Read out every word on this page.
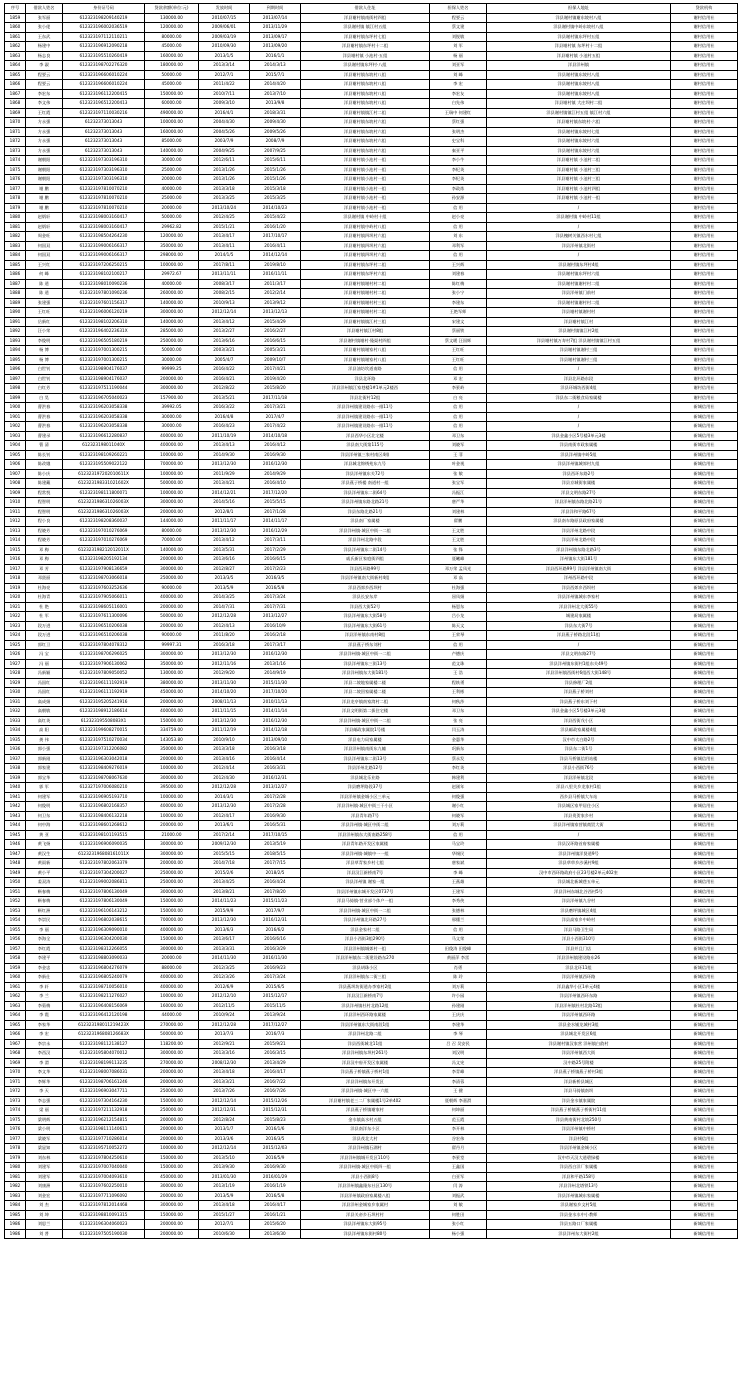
序号	借款人姓名	身份证号码	贷款余额(单位:元)	发放时间	到期时间	借款人住址	担保人姓名	担保人地址	贷款机构
1859	张军丽	612323198209140219	130000.00	2010/07/15	2013/07/14	洋县谢村镇南街村四组	程要云	洋县谢村镇谢东坡村八组	谢村信用社
1860	张小佬	612323196002036519	120000.00	2009/06/01	2013/11/29	洋县谢村镇 镇江村五组	蔡文建	洋县谢村镇中岭东坡村八组	谢村信用社
1861	王东武	612323197112110211	80000.00	2009/03/19	2013/09/17	洋县谢村镇东坪村七组	刘锐敏	洋县谢村镇东坪村五组	谢村信用社
1862	杨建中	612323196912090218	45000.00	2010/09/30	2013/09/20	洋县谢村镇东坪村十二组	刘 军	洋县谢村镇 东坪村十二组	谢村信用社
1863	杨志良	612323195510260419	160000.00	2013/1/5	2016/1/1	洋县谢村镇 小池村·五组	杨 丽	洋县谢村镇 小池村五组	谢村信用社
1864	李 淑	612323198702276320	180000.00	2013/3/14	2014/3/13	洋县谢村镇东坪村·八组	刘亚军	洋县洋州镇	谢村信用社
1865	程要云	612323196606010224	50000.00	2012/7/1	2015/7/1	洋县谢村镇东坡村八组	刘 峰	洋县谢村镇东坡村八组	谢村信用社
1866	程要云	612323196606010224	45000.00	2011/4/22	2014/4/20	洋县谢村镇东坡村八组	李 宏	洋县谢村镇东坡村八组	谢村信用社
1867	李宏东	612323196112200415	150000.00	2010/7/11	2013/7/10	洋县谢村镇东坡村八组	李宏友	洋县谢村镇东坡村八组	谢村信用社
1868	李文伟	612323196512200413	60000.00	2009/3/10	2013/9/8	洋县谢村镇东坡村八组	白先伟	洋县谢村镇 大庄坝村二组	谢村信用社
1869	王红霞	612323197110030216	490000.00	2016/4/1	2018/3/31	洋县谢村镇镇江村二组	王瑞中 何建红	洋县谢村镇镇江村五组 镇江村六组	谢村信用社
1870	方永强	61232373013043	100000.00	2004/4/30	2009/4/30	洋县谢村镇东坡村六组	蔡红强	洋县谢村镇东坡村·六组	谢村信用社
1871	方永强	61232373013043	160000.00	2004/5/26	2009/5/26	洋县谢村镇东坡村六组	张明杰	洋县谢村镇东坡村七组	谢村信用社
1872	方永强	61232373013043	85000.00	2003/7/9	2008/7/9	洋县谢村镇东坡村六组	史宝科	洋县谢村镇东坡村六组	谢村信用社
1873	方永强	61232373013043	140000.00	2004/9/25	2007/9/25	洋县谢村镇东坡村六组	秦亚平	洋县谢村镇东坡村六组	谢村信用社
1874	谢朝阳	612323197303196310	30000.00	2012/6/11	2015/6/11	洋县谢村镇小池村一组	李小牛	洋县谢村镇 小池村二组	谢村信用社
1875	谢朝阳	612323197303196310	25000.00	2013/1/26	2015/1/26	洋县谢村镇小池村一组	李纪英	洋县谢村镇 小池村三组	谢村信用社
1876	谢朝阳	612323197303196310	20000.00	2013/1/26	2015/1/26	洋县谢村镇小池村一组	李纪英	洋县谢村镇 小池村三组	谢村信用社
1877	谢 鹏	612323197810070210	40000.00	2013/3/18	2015/3/18	洋县谢村镇小池村一组	李政炼	洋县谢村镇 小池村四组	谢村信用社
1878	谢 鹏	612323197810070210	25000.00	2013/3/25	2015/3/25	洋县谢村镇小池村一组	孙安源	洋县谢村镇 小池村一组	谢村信用社
1879	谢 鹏	612323197810070210	20000.00	2013/10/24	2014/10/23	洋县谢村镇小池村一组	信 用	/	谢村信用社
1880	赵炳轩	612323198003160417	50000.00	2012/4/25	2015/4/22	洋县谢村镇 中岭村十组	赵小亮	洋县谢村镇 中岭村11组	谢村信用社
1881	赵炳轩	612323198003160417	29962.82	2015/1/21	2016/1/20	洋县谢村镇中岭村八组	信 用	/	谢村信用社
1882	周金旺	612323198504264230	120000.00	2013/4/17	2017/10/17	洋县谢村镇四坝村六组	刘 东	洋县槐树关镇西水村七组	谢村信用社
1883	何国双	612323199006166317	350000.00	2013/4/11	2016/4/11	洋县谢村镇四坝村六组	邓利军	洋县洋州镇北街村	谢村信用社
1884	何国双	612323199006166317	298000.00	2014/1/5	2014/12/14	洋县谢村镇四坝村六组	信 用	/	谢村信用社
1885	王兴红	612323197206250215	100000.00	2017/8/11	2019/8/10	洋县谢村镇东坪村二组	王兴辉	洋县谢村镇东坪村4组	谢村信用社
1886	何 峰	612323198102100217	29972.67	2013/11/11	2016/11/11	洋县谢村镇东坪村六组	刘建春	洋县谢村镇东坪村六组	谢村信用社
1887	陈 道	612323198010090236	40000.00	2008/3/17	2011/3/17	洋县谢村镇谢村村二组	陈红梅	洋县谢村镇谢村村二组	谢村信用社
1888	陈 道	612323197801090236	260000.00	2008/2/15	2012/2/14	洋县谢村镇谢村村二组	张小宁	洋县洋州镇门前村	谢村信用社
1889	张建强	612323197601156317	140000.00	2010/9/13	2013/9/12	洋县谢村镇谢村村三组	李建东	洋县谢村镇谢村村二组	谢村信用社
1890	王红旺	612323196006120219	300000.00	2012/12/14	2013/12/13	洋县谢村镇谢村村二组	王艳军师	洋县谢村镇谢村村	谢村信用社
1891	岳新红	612323198102206310	140000.00	2013/4/12	2015/4/29	洋县谢村镇镇江村三组	宋建文	洋县谢村镇江村	谢村信用社
1892	汪小荣	61232319640223631X	285000.00	2013/2/27	2016/2/27	洋县谢村镇江村8组	蔡丽铁	洋县谢村镇镇江村2组	谢村信用社
1893	李俊明	612323196505180219	250000.00	2013/6/16	2016/6/15	洋县谢村镇谢村·隆渠村四组	蔡文暖 汪国辉	洋县谢村镇万寿村7组 洋县谢村镇镇江村五组	谢村信用社
1894	杨 博	612323197001300215	50000.00	2003/3/21	2005/3/21	洋县谢村镇谢家村八组	王红旺	洋县谢村镇谢村三组	谢村信用社
1895	杨 博	612323197001300215	30000.00	2005/4/7	2009/10/7	洋县谢村镇谢家村八组	王红旺	洋县谢村镇谢村三组	谢村信用社
1896	白世钊	612323198904176037	99999.25	2016/4/22	2017/4/21	洋县油坊坎道南路	信 用	/	谢村信用社
1897	白世钊	612323198904176037	200000.00	2016/4/21	2019/4/20	洋县北环路	邓 宏	洋县北环路东段	谢村信用社
1898	白红芳	612323197511190044	300000.00	2012/8/22	2015/8/20	洋县洋州镇江家巷楼1#1单元2楼西	李景岭	洋县环城坊西街4组	谢村信用社
1899	白 昊	612323196705040023	157900.00	2013/5/21	2017/11/18	洋县北街村12组	白 亮	洋县东二街粮食局家属楼	谢村信用社
1900	曹洪春	612323196203058338	39992.05	2016/3/22	2017/3/21	洋县洋州镇建设路东一排11号	信 用	/	新城信用社
1901	曹洪春	612323196203058338	30000.00	2016/4/8	2017/4/7	洋县洋州镇建设路东一排11号	信 用	/	新城信用社
1902	曹洪春	612323196203058338	30000.00	2016/4/23	2017/4/22	洋县洋州镇建设路东一排11号	信 用	/	新城信用社
1903	曹建录	612323196612280837	400000.00	2011/10/19	2014/10/18	洋县西华小区北宅楼	邓卫东	洋县金鑫小区5号楼3单元3楼	新城信用社
1904	曹 清	612323198011040X	400000.00	2013/4/13	2016/4/12	洋县南大街第115号	刘晓军	洋县南街市政家属楼	新城信用社
1905	陈长钊	612323198109260221	100000.00	2014/9/30	2016/9/30	洋县洋州镇三家村南区4排	王 菲	洋县洋州镇中岭5组	新城信用社
1906	陈改娥	612323195509022122	700000.00	2013/12/30	2016/12/30	洋县城北锦绣苑东九号	叶金视	洋县洋州镇城郊村九组	新城信用社
1907	陈小庆	612323197202010611X	100000.00	2011/9/29	2014/9/29	洋县洋州镇东关72号	张 敏	洋县西环东路2号	新城信用社
1908	陈建藏	612323198331021602X	500000.00	2013/4/21	2016/4/10	洋县燕子桥楼 南道村一组	张宝军	洋县京城街家属楼	新城信用社
1909	程常悦	612323198111800071	100000.00	2014/12/21	2017/12/20	洋县洋州镇东二街64号	冯振江	洋县文明东路27号	新城信用社
1910	程智明	612323198631026003X	300000.00	2014/5/16	2015/5/15	洋县洋州镇东路北路21号	唐严华	洋县洋州镇东路北路21号	新城信用社
1911	程智明	612323198631026003X	200000.00	2012/8/1	2017/1/28	洋县东路北路21号	刘建林	洋县洋和平路67号	新城信用社
1912	程小良	612323198208360037	144000.00	2011/11/17	2014/11/17	洋县南厂家属楼	翟鹏	洋县南车路原县政府家属楼	新城信用社
1913	程晓芳	612323197010276069	80000.00	2013/12/30	2016/12/29	洋县洋州镇·城区中街一二组	王文胜	洋县洋州北路中段	新城信用社
1914	程晓芳	612323197010276069	70000.00	2013/4/12	2017/3/11	洋县洋州北路中段	王文胜	洋县洋州北路中段	新城信用社
1915	邓 梅	612323198212012011X	140000.00	2013/5/31	2017/2/29	洋县洋州镇东二街14号	张 锋	洋县洋州镇东路北路3号	新城信用社
1916	邓 梅	612323198205192134	200000.00	2013/6/16	2016/6/15	戚氏新区家庭街四组	聂曦峰	洋州镇东大街181号	新城信用社
1917	邓 芳	612323197908136659	300000.00	2012/8/27	2017/2/23	洋县西环路99号	邓万荣 孟凤光	洋县西环路99号 洋县洋州镇南大街	新城信用社
1918	邓贤丽	612323198703066018	250000.00	2013/3/5	2016/3/5	洋县洋州镇南大街新村4组	邓 高	洋州西环路中段	新城信用社
1919	杜海亮	612323197603252636	90000.00	2013/5/9	2016/5/8	洋县西郊乡西坝村	杜海强	洋县西郊乡西坝村	新城信用社
1920	杜海青	612323197905066011	400000.00	2014/3/25	2017/3/24	洋县长安东岸	屈凤娟	洋县洋州镇城东李家村	新城信用社
1921	杜 艳	612323198605116001	200000.00	2014/7/31	2017/7/31	洋县西大街52号	杨恩东	洋县洋州北大街55号	新城信用社
1922	杜 军	612323197611300096	500000.00	2012/12/28	2013/12/27	洋县洋州镇东大街58号	吕小龙	城建局家属楼	新城信用社
1923	段万进	612323196510206038	200000.00	2012/4/13	2016/10/9	洋县洋州镇东大街61号	陈天文	洋县东大街7号	新城信用社
1924	段万进	612323196510206038	90000.00	2011/8/20	2016/2/18	洋县洋州镇东南村8组	王荣琴	洋县燕子桥路北段11组	新城信用社
1925	郭红卫	612323197804078312	99997.31	2016/3/18	2017/3/17	洋县燕子桥东刘村	信 用	/	新城信用社
1926	冯 宝	612323198706296025	300000.00	2013/12/30	2016/12/30	洋县洋州镇·城区中街一二组	卢德庆	洋县文明东路27号	新城信用社
1927	冯 丽	612323197906130062	350000.00	2012/11/16	2013/1/16	洋县洋州镇东三街13号	范文珠	洋县洋州镇东街村1组东关49号	新城信用社
1928	冯新颖	612323197809050052	130000.00	2012/9/20	2014/9/19	洋县洋州镇东大街181号	王 浩	洋县洋州镇西街村6组西大街148号	新城信用社
1929	冯国红	612323196111192919	380000.00	2013/11/30	2015/11/30	洋县二坡地家属楼二楼	程轶勇	洋县修理厂2组	新城信用社
1930	冯国红	612323196111192919	450000.00	2014/10/20	2017/10/20	洋县二坡回家属楼二楼	王利彬	洋县燕子桥刘村	新城信用社
1931	高成娟	612323195205241916	200000.00	2008/11/13	2010/11/13	洋县龙亭镇南家湾村二组	何秋莎	洋县燕子桥东刘下村	新城信用社
1932	高朝敏	612323198912186614	400000.00	2011/11/15	2014/11/14	洋县文明街第二拔住宅楼	邓卫东	洋县金鑫小区5号楼3单元3楼	新城信用社
1933	高红英	612323195508083X1	150000.00	2013/12/30	2016/12/30	洋县洋州镇·城区中街一二组	张 亮	洋县西街戊小区	新城信用社
1934	高 阳	612323199608270015	334759.00	2011/12/19	2014/12/18	洋县邮政家属院1号楼	闫玉涛	洋县邮政家属楼4组	新城信用社
1935	龚 伟	612323197510270034	143053.80	2010/9/10	2013/09/10	洋县电力局家属楼	金惠华	汉中市太白路2号	新城信用社
1936	郭小强	612323197312206082	350000.00	2013/3/18	2016/3/18	洋县洋州镇南街东九幢	巩新东	洋县东二街1号	新城信用社
1937	郭新刚	612323196303042018	200000.00	2013/4/16	2016/4/14	洋县洋州镇东二街13号	蔡永发	洋县马桥镇信用站楼	新城信用社
1938	郭家建	612323198409276019	100000.00	2012/4/14	2016/3/31	洋县洋州北路12号	李红英	洋县小西街76号	新城信用社
1939	郭宝华	612323198708067630	300000.00	2012/4/30	2016/12/31	洋县城北乐业路	韩建利	洋县洋州镇北段	新城信用社
1940	郭 军	612327197006080210	395000.00	2012/12/28	2013/12/27	洋县磨坪路段37号	赵刚年	洋县八里关乡龙家村1组	新城信用社
1941	何建军	612323196905193710	100000.00	2014/3/1	2017/2/28	洋县洋州镇金城小区三单元	何俊强	西乡县马桥镇大车站	新城信用社
1942	何俊明	612323196802168357	400000.00	2013/12/30	2017/2/28	洋县洋州镇·城区中街三干小区	谢小红	洋县城区家甲居住小区	新城信用社
1943	何卫东	612323198406132218	100000.00	2012/4/17	2016/9/30	洋县青年路7号	何晓军	洋县贵贺家乡村	新城信用社
1944	何中海	612323198601268612	200000.00	2013/6/1	2016/5/31	洋县洋州镇·城区中街二组	刘万莉	洋县洋州镇家营镇商贸大街	新城信用社
1945	黄 亚	612323198101193515	21000.00	2017/2/14	2017/10/15	洋县洋州镇东大街南路258号	信 用	/	新城信用社
1946	黄飞扬	612323196906090035	300000.00	2009/12/30	2013/5/19	洋县青年路开发区家属楼	马宝玲	洋县汉环路首府家属楼	新城信用社
1947	黄汉生	612323196808161011X	300000.00	2015/5/15	2018/5/15	洋县洋州镇·城镇中一一组	华锡民	洋县洋州镇洋贤道9号	新城信用社
1948	黄雨新	612323197802063379	200000.00	2014/7/18	2017/7/15	洋县草青家乡村七组	唐家斌	洋县草草乡沙溪村9组	新城信用社
1949	黄小平	612323197304200027	250000.00	2015/2/6	2018/2/5	洋县汉江新桥南7号	李 峰	汉中市西环路政府小区23号楼2单元402室	新城信用社
1950	姜双涛	612323199002086811	250000.00	2013/4/25	2016/4/24	洋县洋州镇 谢家一组	王燕雄	洋县城北新城巷五单元	新城信用社
1951	靳春梅	612323197806130049	300000.00	2013/8/21	2017/8/20	洋县洋州镇东城开发区0737号	王建军	洋县洋州东城北谷西村5号	新城信用社
1952	靳春梅	612323197806130049	150000.00	2014/11/23	2015/11/23	洋县马骑镇·营业部个体户一组	李秀侠	洋县洋州镇九谷村	新城信用社
1953	靳红洲	612323196106143212	150000.00	2015/9/9	2017/9/7	洋县洋州镇·城区中街一二组	张德林	洋县磨坪镇城区4组	新城信用社
1954	李崇民	612323196802038615	700000.00	2013/12/30	2016/12/31	洋县洋州镇北环路27号	邢懂兰	洋县高家乡中岭村	新城信用社
1955	李 丽	612323196309090010	400000.00	2013/6/3	2016/6/2	洋县金家村二组	信 用	洋县马路卫生局	新城信用社
1956	李海全	612323196304200030	150000.00	2013/6/17	2016/6/16	洋县小西街3组290号	马文荣	洋县小西街310号	新城信用社
1957	李红霞	612323198312266055	300000.00	2013/3/31	2016/3/29	洋县洋州镇城郊村一组	田俊涛 田俊峰	洋县并且门店	新城信用社
1958	李建平	612323198803090033	20000.00	2014/11/30	2016/11/30	洋县洋州镇东二街建设路东270	黄丽萍 李雷	洋县洋州镇建设路东26	新城信用社
1959	李金忠	612323196804276079	88000.00	2012/3/25	2016/9/23	洋县胡珠小区	肖勇	洋县北环11组	新城信用社
1960	李新仕	612323196805240079	400000.00	2012/3/26	2017/3/24	洋县洋州镇东二街三组	陈 玲	洋县洋州镇西环路	新城信用社
1961	李 轩	612323198710056010	400000.00	2012/6/9	2015/6/5	洋县燕坝坊街道办李家村2组	刘万莉	洋县鑫华小区1单元4楼	新城信用社
1962	李 兰	612323198211276027	100000.00	2012/12/10	2015/12/17	洋县汉江新桥南7号	许小园	洋县洋州镇西环东路	新城信用社
1963	李菊梅	612323196408156069	160000.00	2012/11/5	2015/11/5	洋县洋州镇杜村北路12组	孙建刚	洋县洋州镇杜村北路12组	新城信用社
1964	李 霞	612323196412120198	44000.00	2010/9/24	2013/9/24	洋县洋州西环路家属楼	王庆庆	洋县洋州镇西环路	新城信用社
1965	李家华	612323198011219423X	270000.00	2012/12/28	2017/12/27	洋县洋州镇东大街南段1组	李建华	洋县金水铺龙城村3组	新城信用社
1966	李 宏	612323196808126683X	500000.00	2013/7/3	2016/7/3	洋县洋州北路二组	李 琴	洋县城北开发区6组	新城信用社
1967	李宗永	612323198112138127	118200.00	2012/9/21	2015/9/21	洋县西街城北11组	吕 召 吴安民	洋县谢村镇汉家营 洋州镇白韵村	新城信用社
1968	李西汉	612323195804070012	300000.00	2013/3/16	2016/3/15	洋县洋州镇东坝村261号	刘汉明	洋县洋州镇西大街	新城信用社
1969	李 渭	612323198199113235	270000.00	2008/12/30	2013/4/29	洋县汉中府开发区家属楼	冯文宪	汉中路25号附楼	新城信用社
1970	李文华	612323198007086031	200000.00	2013/4/18	2016/4/17	洋县燕子桥镇燕子桥村1组	李青峰	洋县燕子桥镇燕子桥村3组	新城信用社
1971	李辉华	612323198706161246	200000.00	2013/3/21	2016/7/22	洋县洋州镇东开发区	李清蓉	洋县新桥县城区	新城信用社
1972	李 天	612323196903047711	250000.00	2013/7/26	2016/7/26	洋县洋州镇·城区中一六组	王 健	洋县马骑镇南坝	新城信用社
1973	李志强	612323197304164230	150000.00	2012/12/14	2015/12/26	洋县谢村镇老三二厂家属楼1号2单402	聂朝辉 李嘉滑	洋县金水镇家属院	新城信用社
1974	梁 丽	612323197211132918	250000.00	2012/12/31	2015/12/31	洋县燕子桥镇谢家村	何坤丽	洋县燕子桥镇燕子桥街村11组	新城信用社
1975	梁明辉	612323196212154815	200000.00	2012/8/24	2015/8/23	金水镇高水村五组	范玉霞	洋县黄南街村北坡250号	新城信用社
1976	梁小明	612323198111140611	200000.00	2013/1/7	2016/1/6	洋县南洋东小区	李开林	洋县洋州镇中桥村	新城信用社
1977	梁晓军	612323197710286014	200000.00	2013/3/6	2016/3/5	洋县茂北大村	谷宏伟	洋县村6组	新城信用社
1978	梁显知	612323195710052272	100000.00	2012/12/14	2015/12/03	洋县洋州镇石湖村	翟丹月	洋县洋州镇金城小区	新城信用社
1979	刘东林	612323197804250610	150000.00	2013/5/10	2016/5/9	洋县洋州镇城开发区110号	李景堂	汉中市天汉大道碧绿楼	新城信用社
1980	刘建军	612323197007040040	150000.00	2013/9/30	2016/9/30	洋县洋州镇·城区中街四一组	王鑫国	洋县西白洋厂家属楼	新城信用社
1981	刘建军	612323197004093610	450000.00	2013/01/30	2016/01/29	洋县小西街8号	白亚军	洋县和平路158号	新城信用社
1982	刘康洲	612323197602250010	300000.00	2013/1/19	2016/1/19	洋县洋州镇鑫隆东社区130号	闫 涛	洋县洋州北塔铁13号	新城信用社
1983	刘金宏	612323197711096092	200000.00	2013/5/9	2016/5/8	洋县洋州镇政府家属楼八组	刘振武	洋县洋州镇城东家属楼	新城信用社
1984	刘 杰	612323197812014468	300000.00	2013/4/18	2016/4/17	洋县洋州金城家乡家属村	刘 敏	洋县谢家乡文村5组	新城信用社
1985	刘 坤	612323198810091315	150000.00	2015/1/27	2016/1/21	洋县关帝乡石坝村村	何胜田	洋县金水水中小教师	新城信用社
1986	刘思兰	612323196304060023	200000.00	2012/7/1	2015/6/20	洋县洋州镇东大街95号	张小红	洋县五路口厂家属楼	新城信用社
1986	刘 普	612323197505190030	200000.00	2010/6/30	2013/6/30	洋县洋州镇东街村80号	杨小强	洋县洋州东大街村2组	新城信用社
